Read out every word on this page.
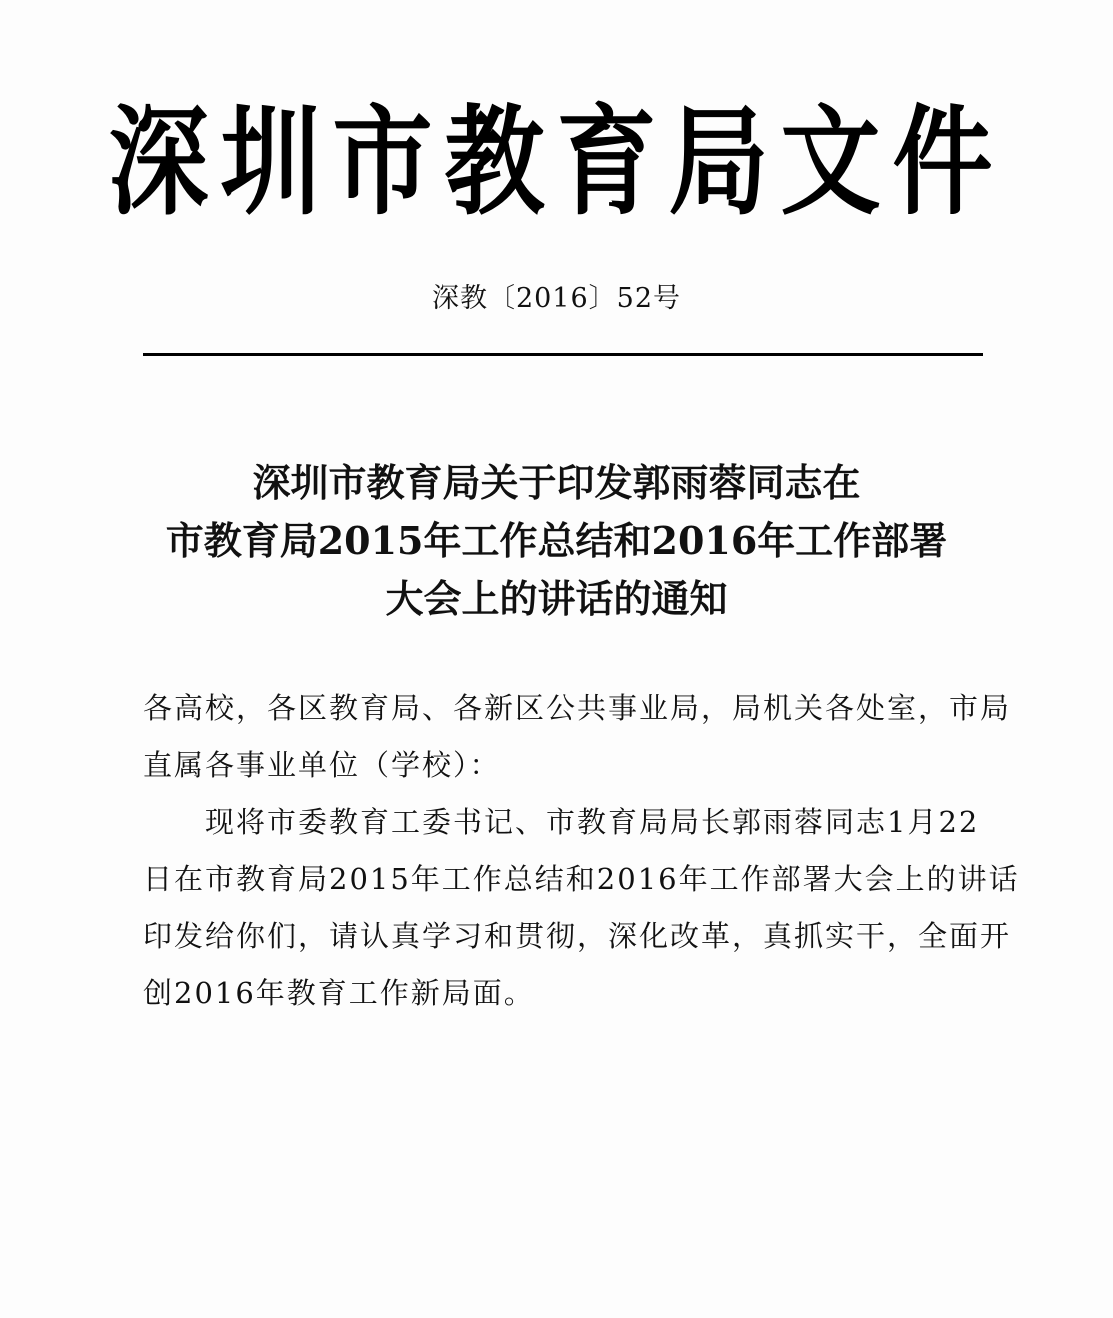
深圳市教育局文件
深教〔2016〕52号
深圳市教育局关于印发郭雨蓉同志在
市教育局2015年工作总结和2016年工作部署
大会上的讲话的通知
各高校，各区教育局、各新区公共事业局，局机关各处室，市局
直属各事业单位（学校）：
现将市委教育工委书记、市教育局局长郭雨蓉同志1月22
日在市教育局2015年工作总结和2016年工作部署大会上的讲话
印发给你们，请认真学习和贯彻，深化改革，真抓实干，全面开
创2016年教育工作新局面。
